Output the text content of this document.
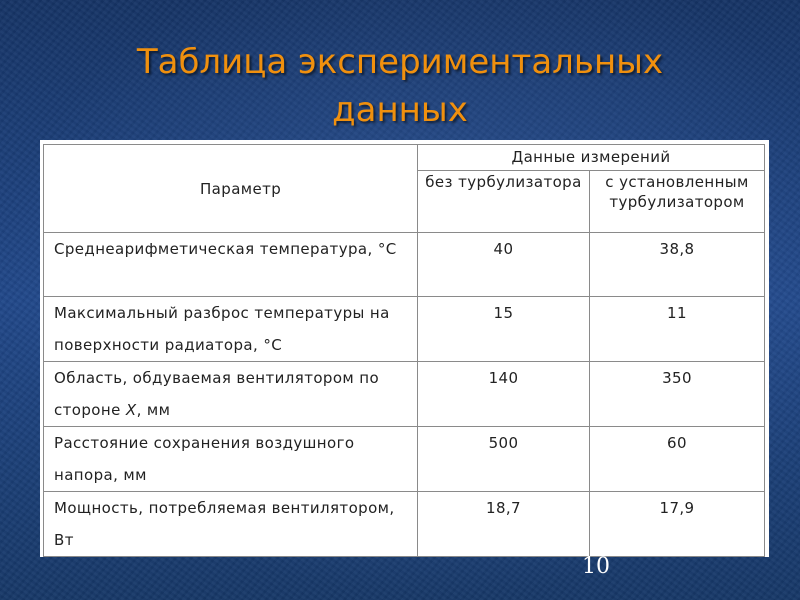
Таблица экспериментальных
данных
Параметр	Данные измерений	
	без турбулизатора	с установленным турбулизатором
Среднеарифметическая температура, °С	40	38,8
Максимальный разброс температуры на поверхности радиатора, °С	15	11
Область, обдуваемая вентилятором по стороне X, мм	140	350
Расстояние сохранения воздушного напора, мм	500	60
Мощность, потребляемая вентилятором, Вт	18,7	17,9
10
